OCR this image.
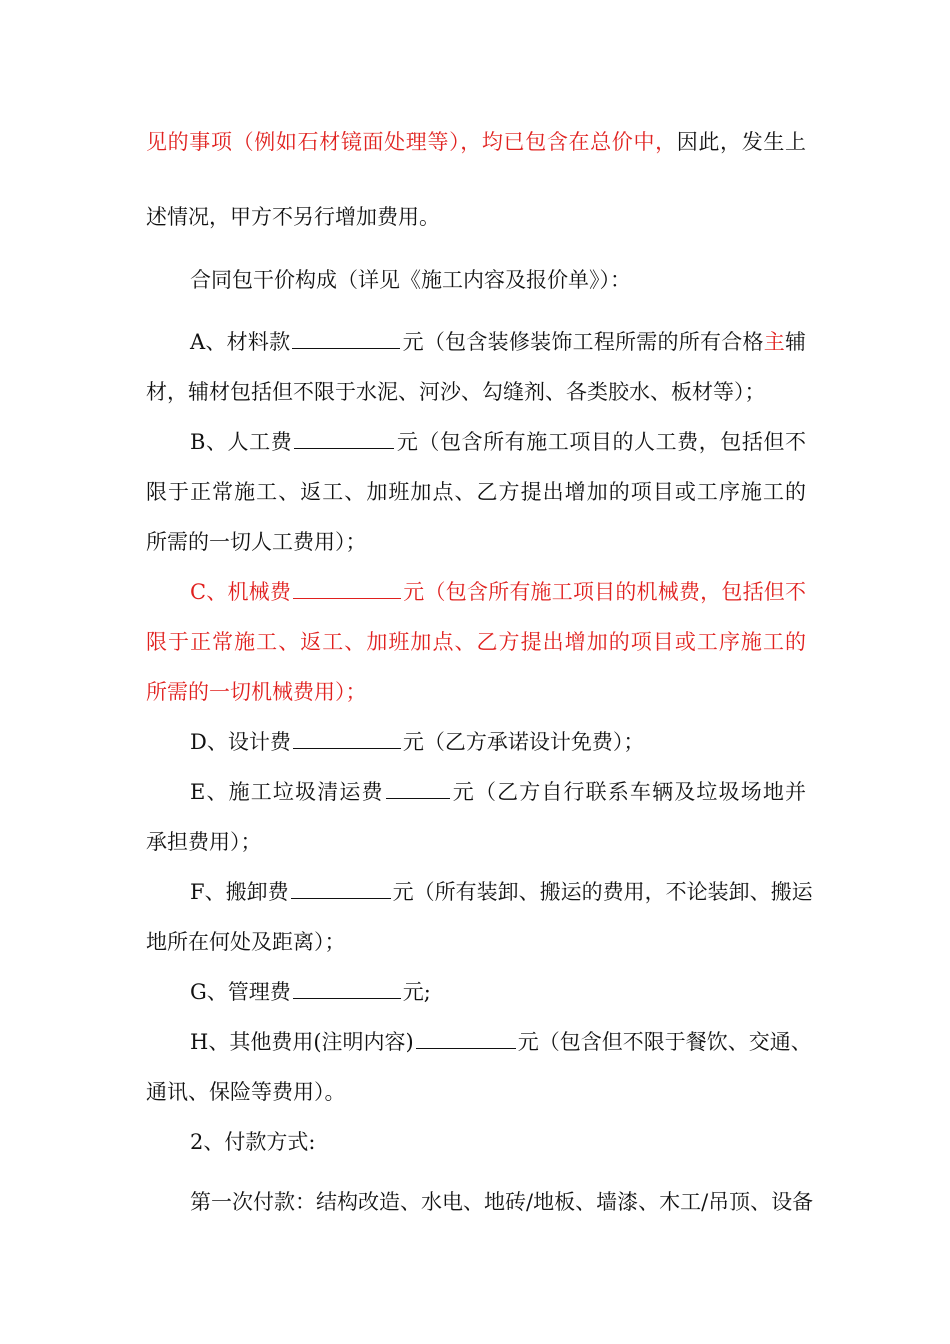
见的事项（例如石材镜面处理等），均已包含在总价中，因此，发生上
述情况，甲方不另行增加费用。
合同包干价构成（详见《施工内容及报价单》）：
A、材料款	元（包含装修装饰工程所需的所有合格主辅
材，辅材包括但不限于水泥、河沙、勾缝剂、各类胶水、板材等）；
B、人工费	元（包含所有施工项目的人工费，包括但不
限于正常施工、返工、加班加点、乙方提出增加的项目或工序施工的
所需的一切人工费用）；
C、机械费	元（包含所有施工项目的机械费，包括但不
限于正常施工、返工、加班加点、乙方提出增加的项目或工序施工的
所需的一切机械费用）；
D、设计费	元（乙方承诺设计免费）；
E、施工垃圾清运费	元（乙方自行联系车辆及垃圾场地并
承担费用）；
F、搬卸费	元（所有装卸、搬运的费用，不论装卸、搬运
地所在何处及距离）；
G、管理费	元;
H、其他费用(注明内容)	元（包含但不限于餐饮、交通、
通讯、保险等费用）。
2、付款方式:
第一次付款：结构改造、水电、地砖/地板、墙漆、木工/吊顶、设备
